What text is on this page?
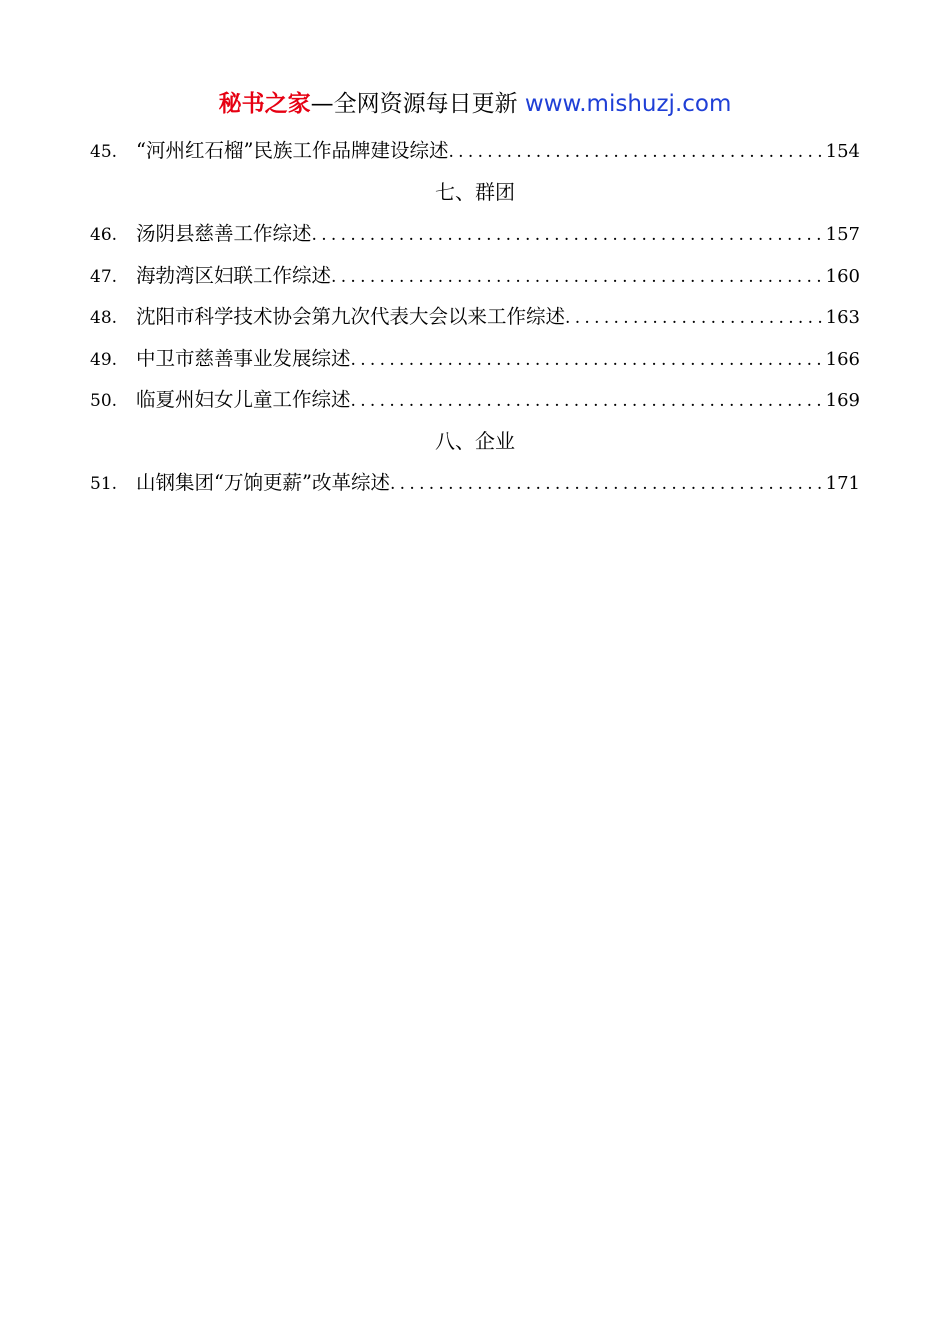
秘书之家—全网资源每日更新 www.mishuzj.com
45. “河州红石榴”民族工作品牌建设综述 .....	154
七、群团
46. 汤阴县慈善工作综述 .....	157
47. 海勃湾区妇联工作综述 .....	160
48. 沈阳市科学技术协会第九次代表大会以来工作综述 .....	163
49. 中卫市慈善事业发展综述 .....	166
50. 临夏州妇女儿童工作综述 .....	169
八、企业
51. 山钢集团“万饷更薪”改革综述 .....	171
